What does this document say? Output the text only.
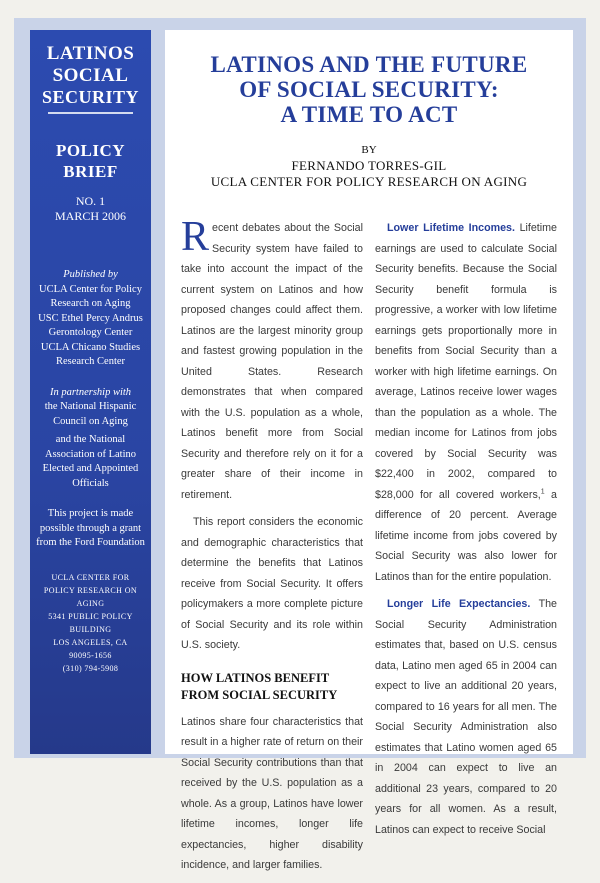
LATINOS
SOCIAL
SECURITY
POLICY
BRIEF
NO. 1
MARCH 2006
Published by
UCLA Center for Policy Research on Aging
USC Ethel Percy Andrus Gerontology Center
UCLA Chicano Studies Research Center
In partnership with
the National Hispanic Council on Aging
and the National Association of Latino Elected and Appointed Officials
This project is made possible through a grant from the Ford Foundation
UCLA CENTER FOR
POLICY RESEARCH ON AGING
5341 PUBLIC POLICY BUILDING
LOS ANGELES, CA
90095-1656
(310) 794-5908
LATINOS AND THE FUTURE
OF SOCIAL SECURITY:
A TIME TO ACT
BY
FERNANDO TORRES-GIL
UCLA CENTER FOR POLICY RESEARCH ON AGING

Recent debates about the Social Security system have failed to take into account the impact of the current system on Latinos and how proposed changes could affect them. Latinos are the largest minority group and fastest growing population in the United States. Research demonstrates that when compared with the U.S. population as a whole, Latinos benefit more from Social Security and therefore rely on it for a greater share of their income in retirement.

This report considers the economic and demographic characteristics that determine the benefits that Latinos receive from Social Security. It offers policymakers a more complete picture of Social Security and its role within U.S. society.

HOW LATINOS BENEFIT FROM SOCIAL SECURITY

Latinos share four characteristics that result in a higher rate of return on their Social Security contributions than that received by the U.S. population as a whole. As a group, Latinos have lower lifetime incomes, longer life expectancies, higher disability incidence, and larger families.

Lower Lifetime Incomes. Lifetime earnings are used to calculate Social Security benefits. Because the Social Security benefit formula is progressive, a worker with low lifetime earnings gets proportionally more in benefits from Social Security than a worker with high lifetime earnings. On average, Latinos receive lower wages than the population as a whole. The median income for Latinos from jobs covered by Social Security was $22,400 in 2002, compared to $28,000 for all covered workers,$^1$ a difference of 20 percent. Average lifetime income from jobs covered by Social Security was also lower for Latinos than for the entire population.

Longer Life Expectancies. The Social Security Administration estimates that, based on U.S. census data, Latino men aged 65 in 2004 can expect to live an additional 20 years, compared to 16 years for all men. The Social Security Administration also estimates that Latino women aged 65 in 2004 can expect to live an additional 23 years, compared to 20 years for all women. As a result, Latinos can expect to receive Social
